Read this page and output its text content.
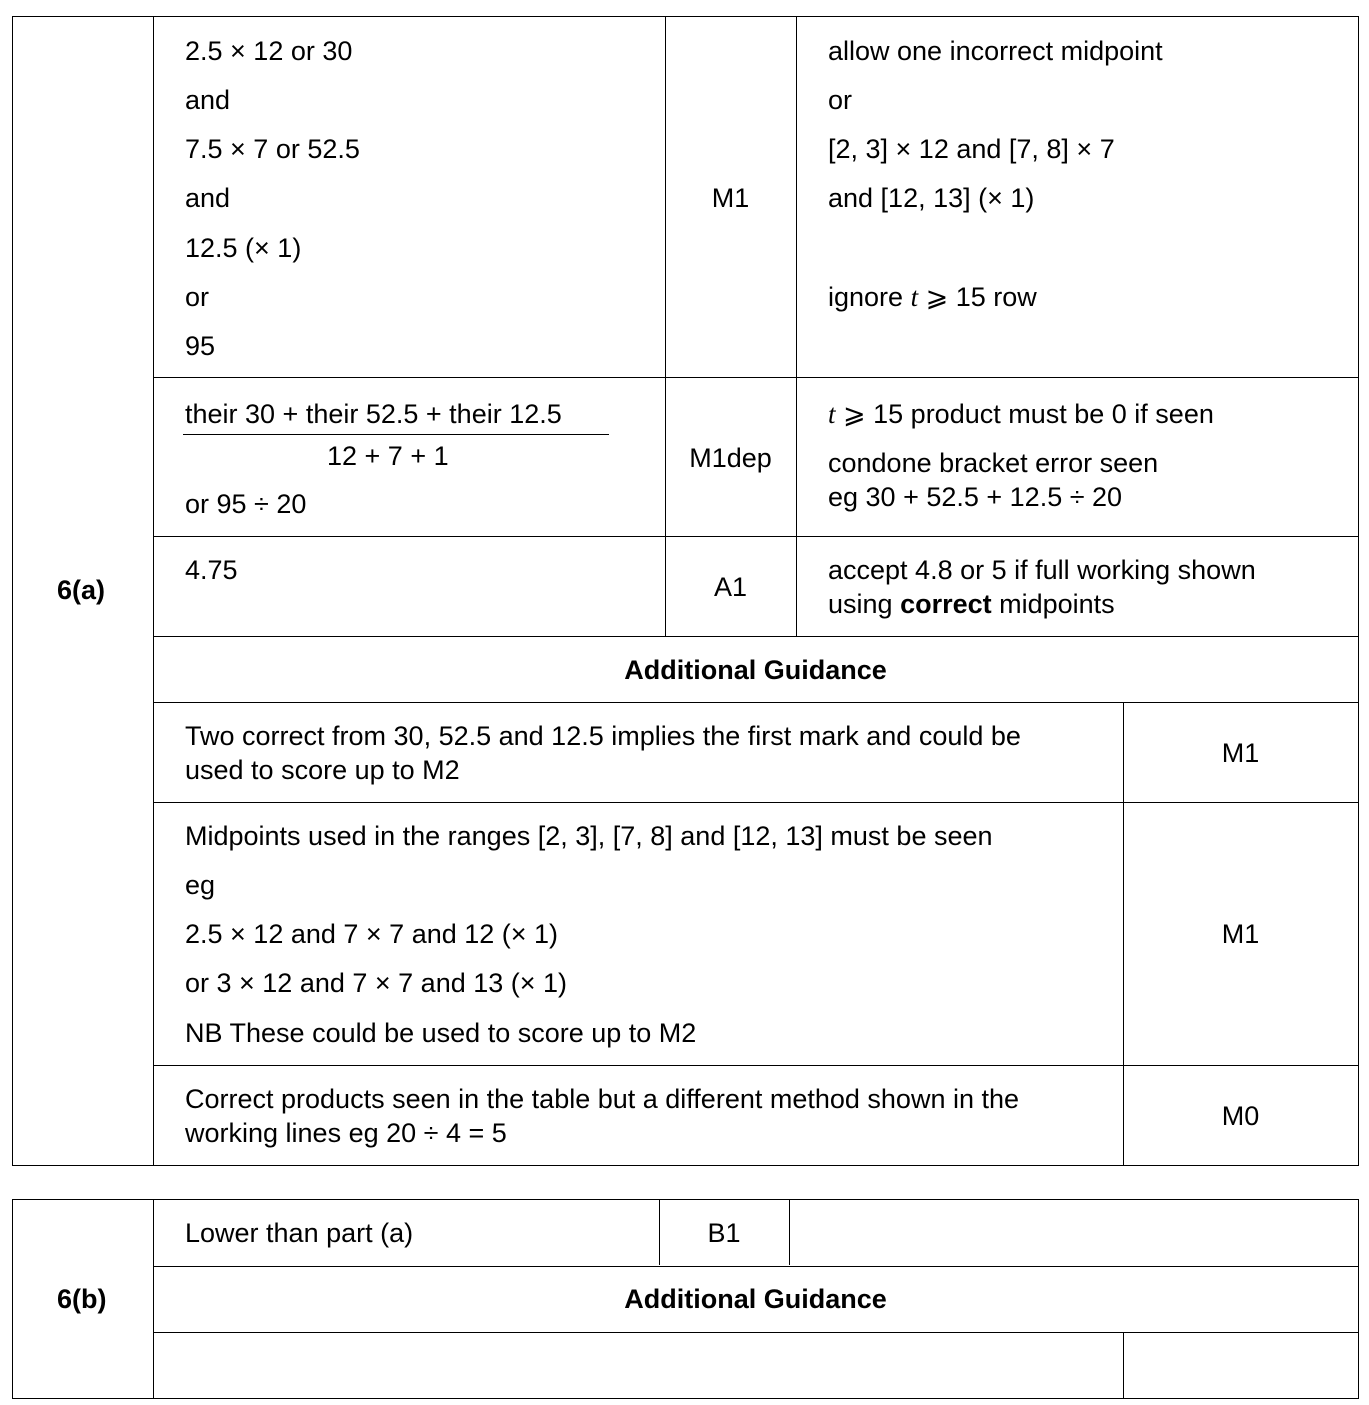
6(a)
2.5 × 12 or 30
and
7.5 × 7 or 52.5
and
12.5 (× 1)
or
95
M1
allow one incorrect midpoint
or
[2, 3] × 12 and [7, 8] × 7
and [12, 13] (× 1)
ignore t ⩾ 15 row
their 30 + their 52.5 + their 12.5
12 + 7 + 1
or 95 ÷ 20
M1dep
t ⩾ 15 product must be 0 if seen
condone bracket error seen
eg 30 + 52.5 + 12.5 ÷ 20
4.75
A1
accept 4.8 or 5 if full working shown
using correct midpoints
Additional Guidance
Two correct from 30, 52.5 and 12.5 implies the first mark and could be
used to score up to M2
M1
Midpoints used in the ranges [2, 3], [7, 8] and [12, 13] must be seen
eg
2.5 × 12 and 7 × 7 and 12 (× 1)
or 3 × 12 and 7 × 7 and 13 (× 1)
NB These could be used to score up to M2
M1
Correct products seen in the table but a different method shown in the
working lines eg 20 ÷ 4 = 5
M0
6(b)
Lower than part (a)	B1
Additional Guidance
